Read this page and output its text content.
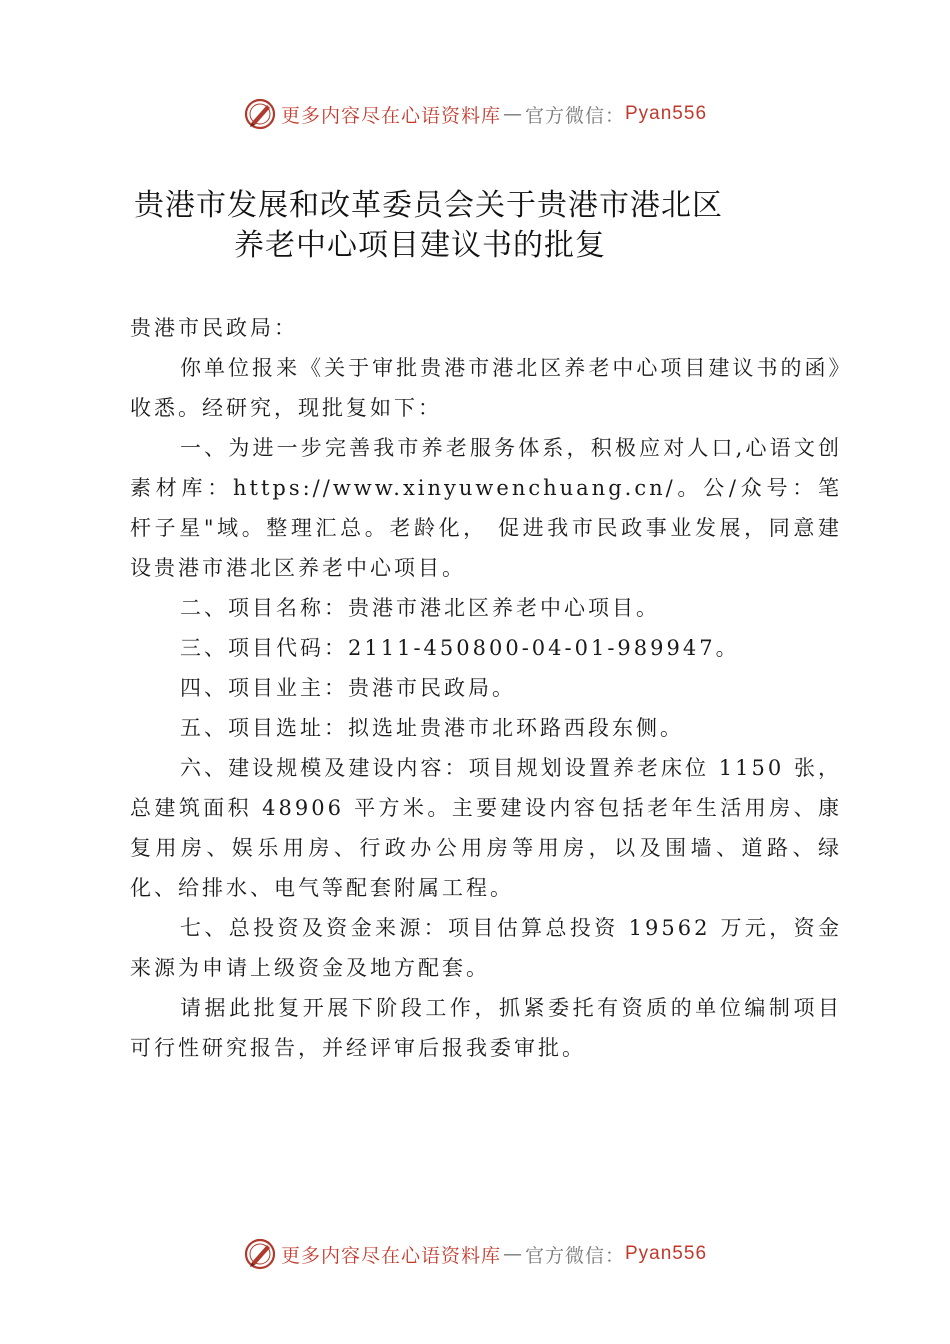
更多内容尽在心语资料库 — 官方微信： Pyan556
贵港市发展和改革委员会关于贵港市港北区
养老中心项目建议书的批复

贵港市民政局：

你单位报来《关于审批贵港市港北区养老中心项目建议书的函》收悉。经研究，现批复如下：

一、为进一步完善我市养老服务体系，积极应对人口,心语文创素材库：https://www.xinyuwenchuang.cn/。公/众号：笔杆子星"域。整理汇总。老龄化， 促进我市民政事业发展，同意建设贵港市港北区养老中心项目。

二、项目名称：贵港市港北区养老中心项目。

三、项目代码：2111-450800-04-01-989947。

四、项目业主：贵港市民政局。

五、项目选址：拟选址贵港市北环路西段东侧。

六、建设规模及建设内容：项目规划设置养老床位 1150 张，总建筑面积 48906 平方米。主要建设内容包括老年生活用房、康复用房、娱乐用房、行政办公用房等用房，以及围墙、道路、绿化、给排水、电气等配套附属工程。

七、总投资及资金来源：项目估算总投资 19562 万元，资金来源为申请上级资金及地方配套。

请据此批复开展下阶段工作，抓紧委托有资质的单位编制项目可行性研究报告，并经评审后报我委审批。

更多内容尽在心语资料库 — 官方微信： Pyan556
